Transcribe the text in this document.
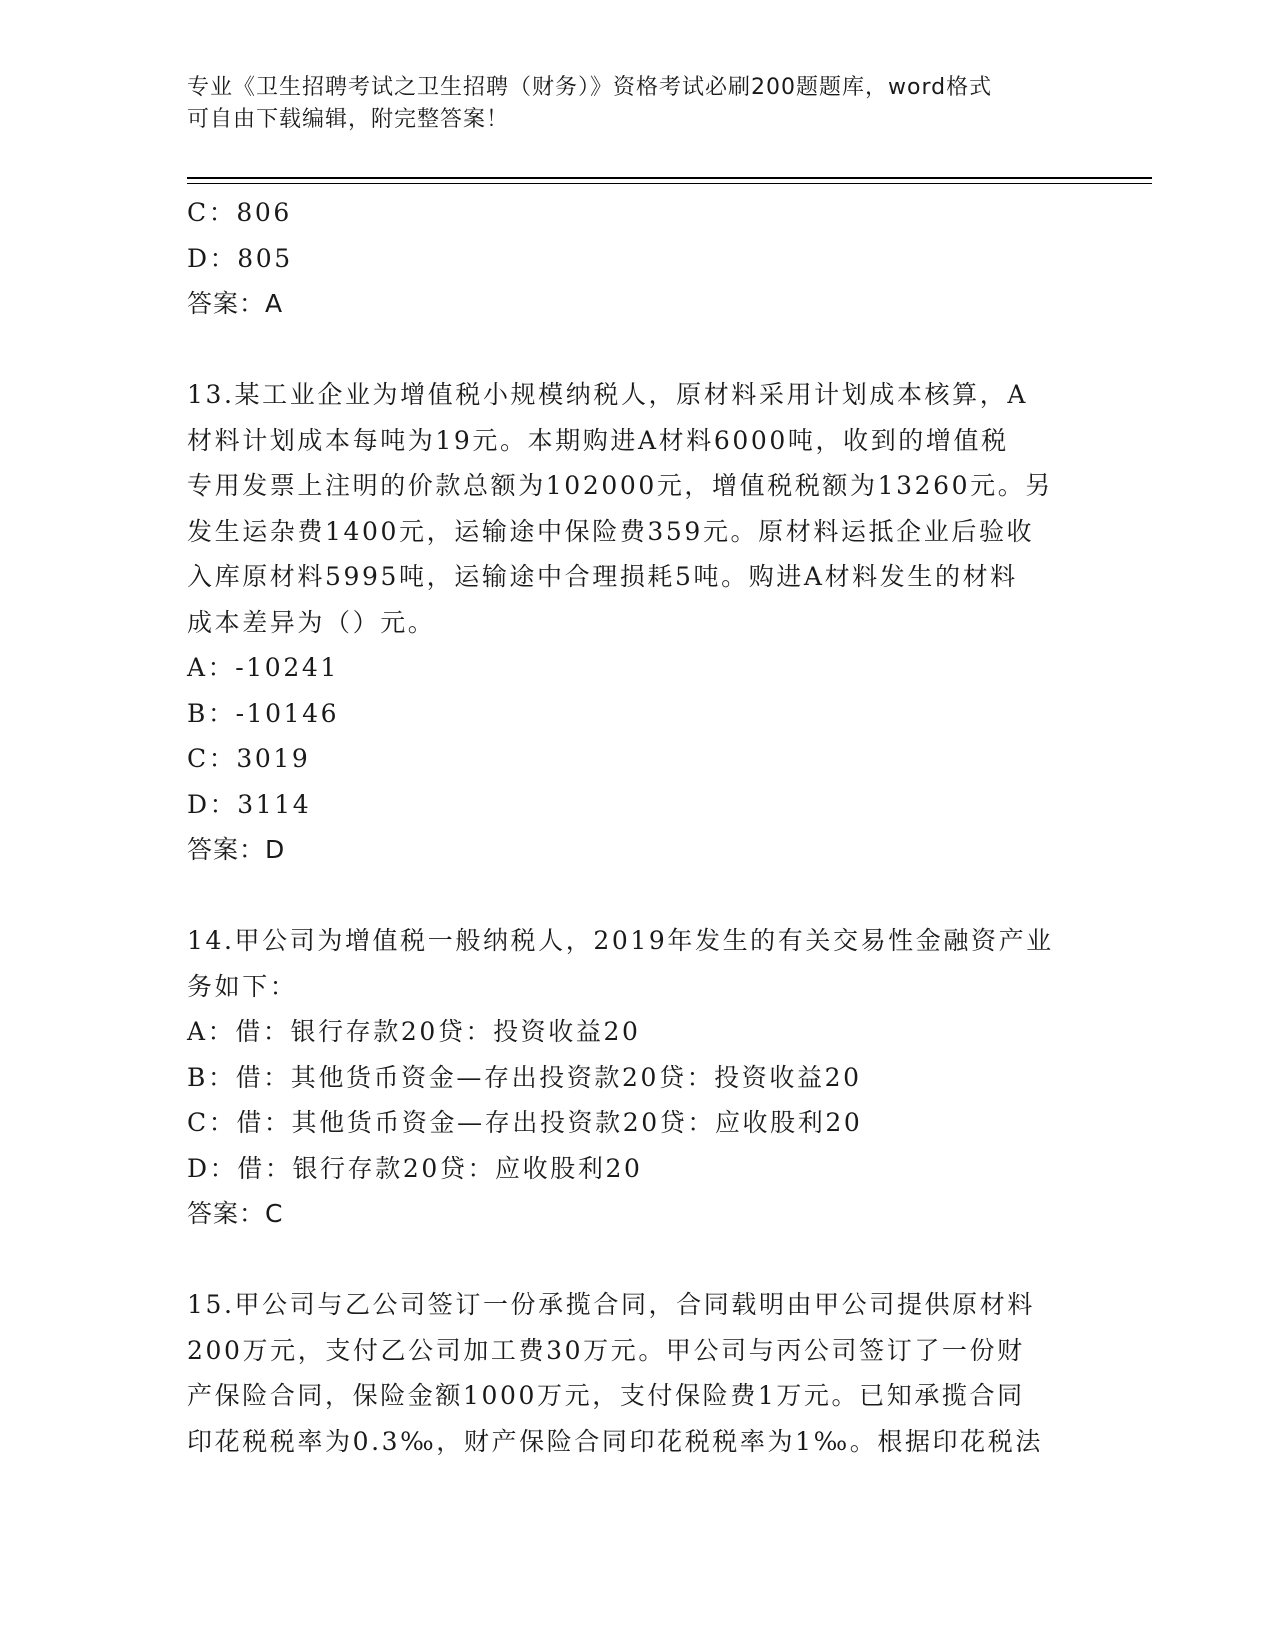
专业《卫生招聘考试之卫生招聘（财务）》资格考试必刷200题题库，word格式
可自由下载编辑，附完整答案！
C：806
D：805
答案：A
13.某工业企业为增值税小规模纳税人，原材料采用计划成本核算，A
材料计划成本每吨为19元。本期购进A材料6000吨，收到的增值税
专用发票上注明的价款总额为102000元，增值税税额为13260元。另
发生运杂费1400元，运输途中保险费359元。原材料运抵企业后验收
入库原材料5995吨，运输途中合理损耗5吨。购进A材料发生的材料
成本差异为（）元。
A：-10241
B：-10146
C：3019
D：3114
答案：D
14.甲公司为增值税一般纳税人，2019年发生的有关交易性金融资产业
务如下：
A：借：银行存款20贷：投资收益20
B：借：其他货币资金—存出投资款20贷：投资收益20
C：借：其他货币资金—存出投资款20贷：应收股利20
D：借：银行存款20贷：应收股利20
答案：C
15.甲公司与乙公司签订一份承揽合同，合同载明由甲公司提供原材料
200万元，支付乙公司加工费30万元。甲公司与丙公司签订了一份财
产保险合同，保险金额1000万元，支付保险费1万元。已知承揽合同
印花税税率为0.3‰，财产保险合同印花税税率为1‰。根据印花税法
